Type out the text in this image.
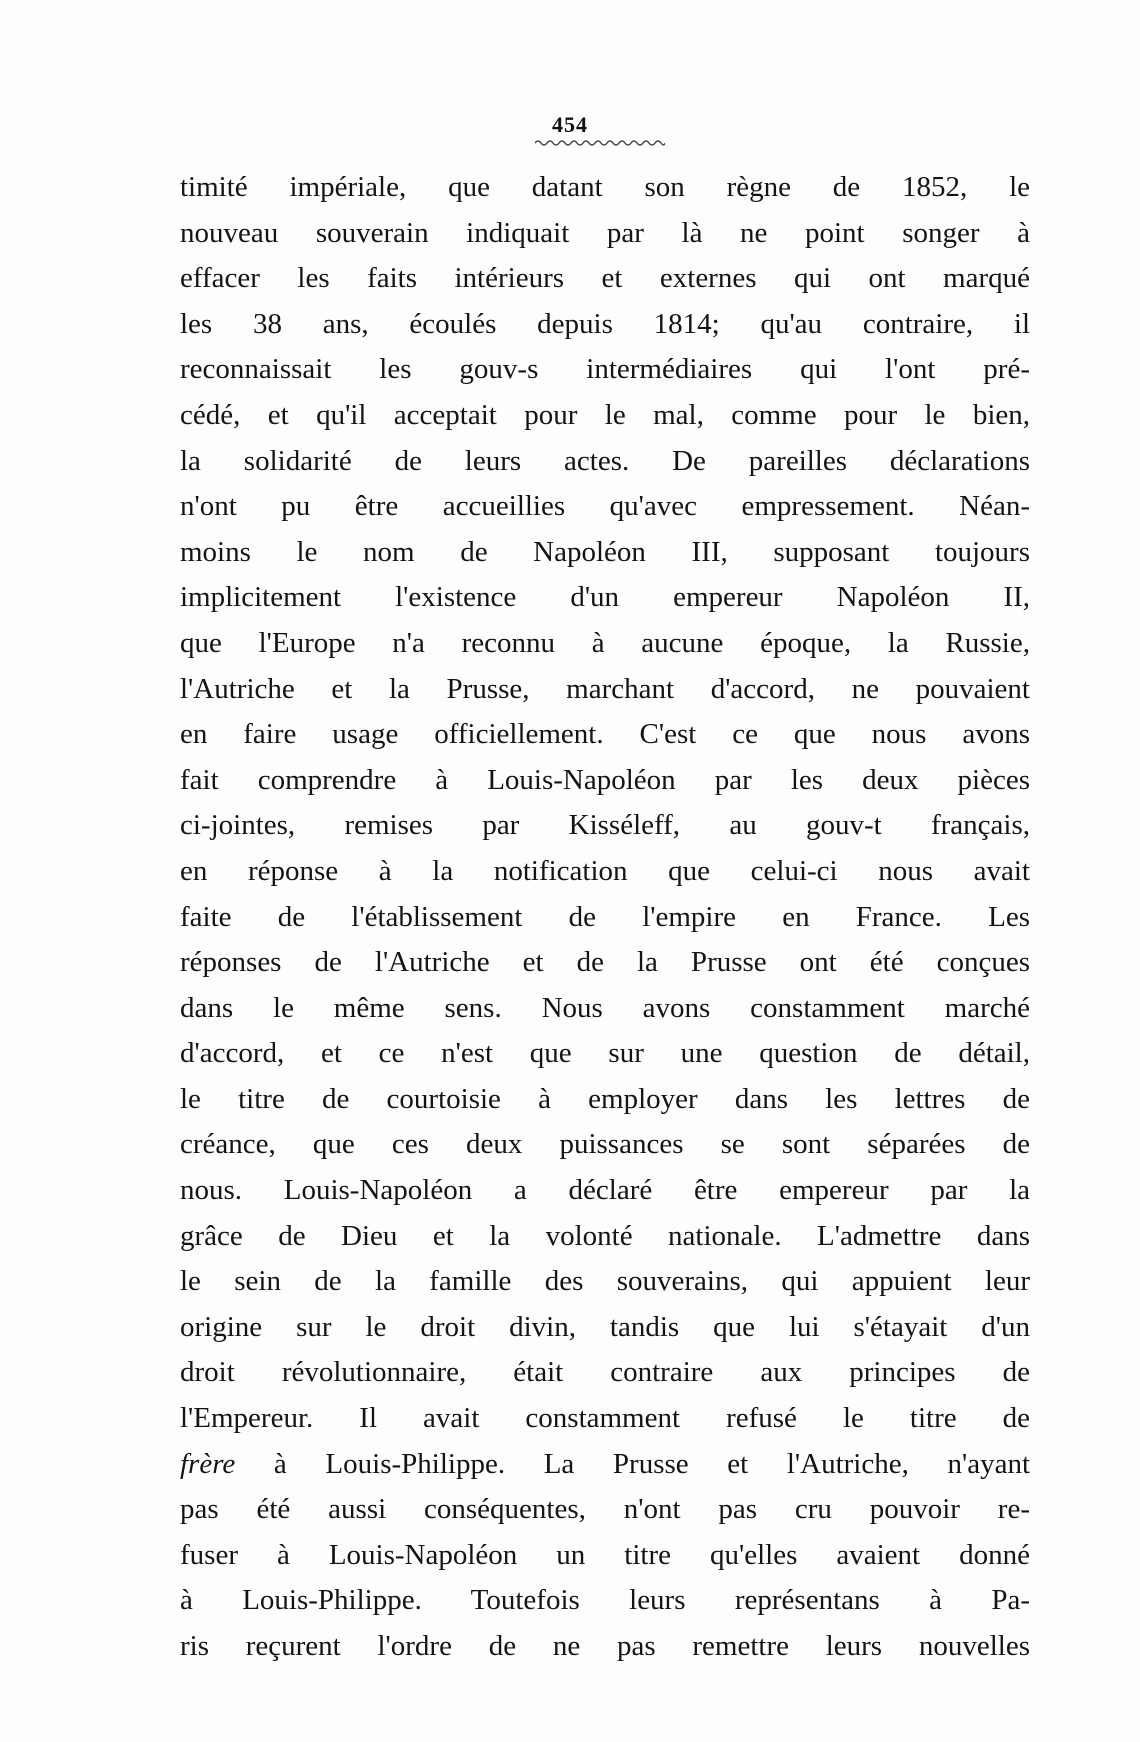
454
timité impériale, que datant son règne de 1852, le
nouveau souverain indiquait par là ne point songer à
effacer les faits intérieurs et externes qui ont marqué
les 38 ans, écoulés depuis 1814; qu'au contraire, il
reconnaissait les gouv-s intermédiaires qui l'ont pré-
cédé, et qu'il acceptait pour le mal, comme pour le bien,
la solidarité de leurs actes. De pareilles déclarations
n'ont pu être accueillies qu'avec empressement. Néan-
moins le nom de Napoléon III, supposant toujours
implicitement l'existence d'un empereur Napoléon II,
que l'Europe n'a reconnu à aucune époque, la Russie,
l'Autriche et la Prusse, marchant d'accord, ne pouvaient
en faire usage officiellement. C'est ce que nous avons
fait comprendre à Louis-Napoléon par les deux pièces
ci-jointes, remises par Kisséleff, au gouv-t français,
en réponse à la notification que celui-ci nous avait
faite de l'établissement de l'empire en France. Les
réponses de l'Autriche et de la Prusse ont été conçues
dans le même sens. Nous avons constamment marché
d'accord, et ce n'est que sur une question de détail,
le titre de courtoisie à employer dans les lettres de
créance, que ces deux puissances se sont séparées de
nous. Louis-Napoléon a déclaré être empereur par la
grâce de Dieu et la volonté nationale. L'admettre dans
le sein de la famille des souverains, qui appuient leur
origine sur le droit divin, tandis que lui s'étayait d'un
droit révolutionnaire, était contraire aux principes de
l'Empereur. Il avait constamment refusé le titre de
frère à Louis-Philippe. La Prusse et l'Autriche, n'ayant
pas été aussi conséquentes, n'ont pas cru pouvoir re-
fuser à Louis-Napoléon un titre qu'elles avaient donné
à Louis-Philippe. Toutefois leurs représentans à Pa-
ris reçurent l'ordre de ne pas remettre leurs nouvelles
